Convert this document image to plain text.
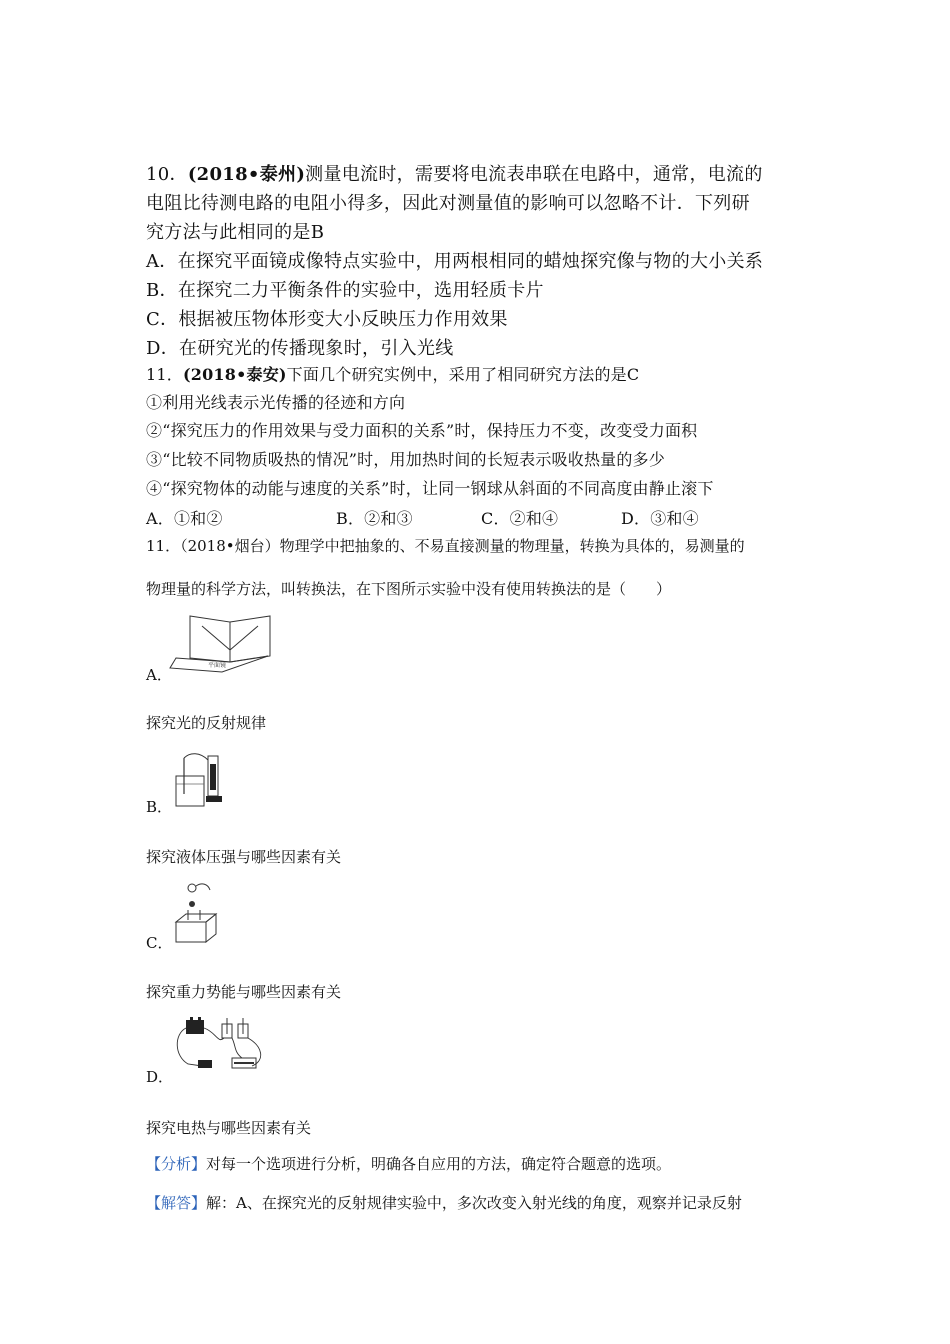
10．(2018•泰州)测量电流时，需要将电流表串联在电路中，通常，电流的
电阻比待测电路的电阻小得多，因此对测量值的影响可以忽略不计．下列研
究方法与此相同的是B
A．在探究平面镜成像特点实验中，用两根相同的蜡烛探究像与物的大小关系
B．在探究二力平衡条件的实验中，选用轻质卡片
C．根据被压物体形变大小反映压力作用效果
D．在研究光的传播现象时，引入光线
11．(2018•泰安)下面几个研究实例中，采用了相同研究方法的是C
①利用光线表示光传播的径迹和方向
②“探究压力的作用效果与受力面积的关系”时，保持压力不变，改变受力面积
③“比较不同物质吸热的情况”时，用加热时间的长短表示吸收热量的多少
④“探究物体的动能与速度的关系”时，让同一钢球从斜面的不同高度由静止滚下
A．①和②	B．②和③	C．②和④	D．③和④
11．（2018•烟台）物理学中把抽象的、不易直接测量的物理量，转换为具体的，易测量的
物理量的科学方法，叫转换法，在下图所示实验中没有使用转换法的是（　　）
平面镜
A．
探究光的反射规律
B．
探究液体压强与哪些因素有关
C．
探究重力势能与哪些因素有关
D．
探究电热与哪些因素有关
【分析】对每一个选项进行分析，明确各自应用的方法，确定符合题意的选项。
【解答】解：A、在探究光的反射规律实验中，多次改变入射光线的角度，观察并记录反射
